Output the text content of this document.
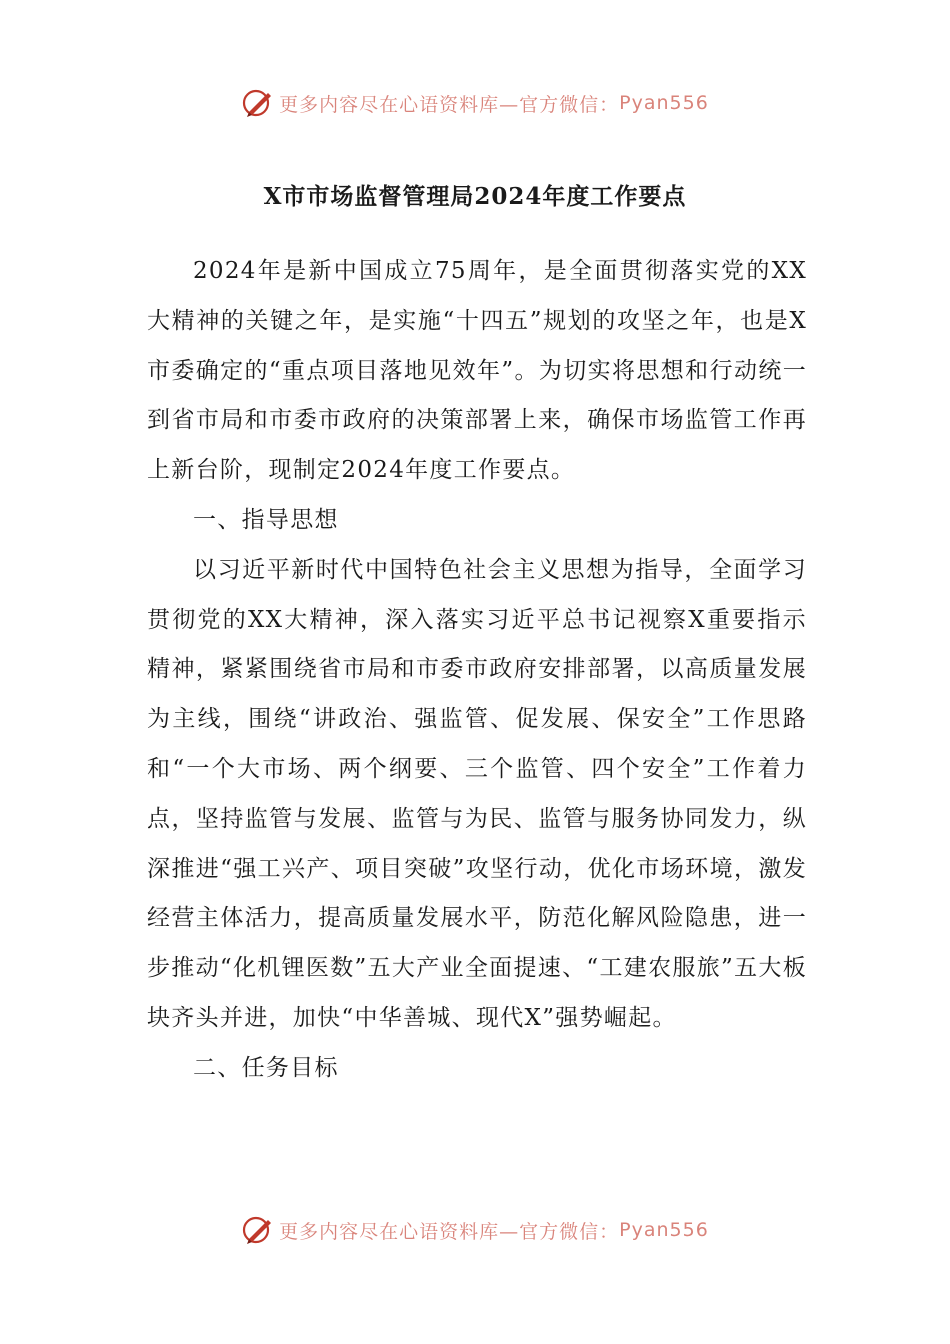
更多内容尽在心语资料库—官方微信： Pyan556
X市市场监督管理局2024年度工作要点

2024年是新中国成立75周年，是全面贯彻落实党的XX大精神的关键之年，是实施“十四五”规划的攻坚之年，也是X市委确定的“重点项目落地见效年”。为切实将思想和行动统一到省市局和市委市政府的决策部署上来，确保市场监管工作再上新台阶，现制定2024年度工作要点。

一、指导思想

以习近平新时代中国特色社会主义思想为指导，全面学习贯彻党的XX大精神，深入落实习近平总书记视察X重要指示精神，紧紧围绕省市局和市委市政府安排部署，以高质量发展为主线，围绕“讲政治、强监管、促发展、保安全”工作思路和“一个大市场、两个纲要、三个监管、四个安全”工作着力点，坚持监管与发展、监管与为民、监管与服务协同发力，纵深推进“强工兴产、项目突破”攻坚行动，优化市场环境，激发经营主体活力，提高质量发展水平，防范化解风险隐患，进一步推动“化机锂医数”五大产业全面提速、“工建农服旅”五大板块齐头并进，加快“中华善城、现代X”强势崛起。

二、任务目标

更多内容尽在心语资料库—官方微信： Pyan556
